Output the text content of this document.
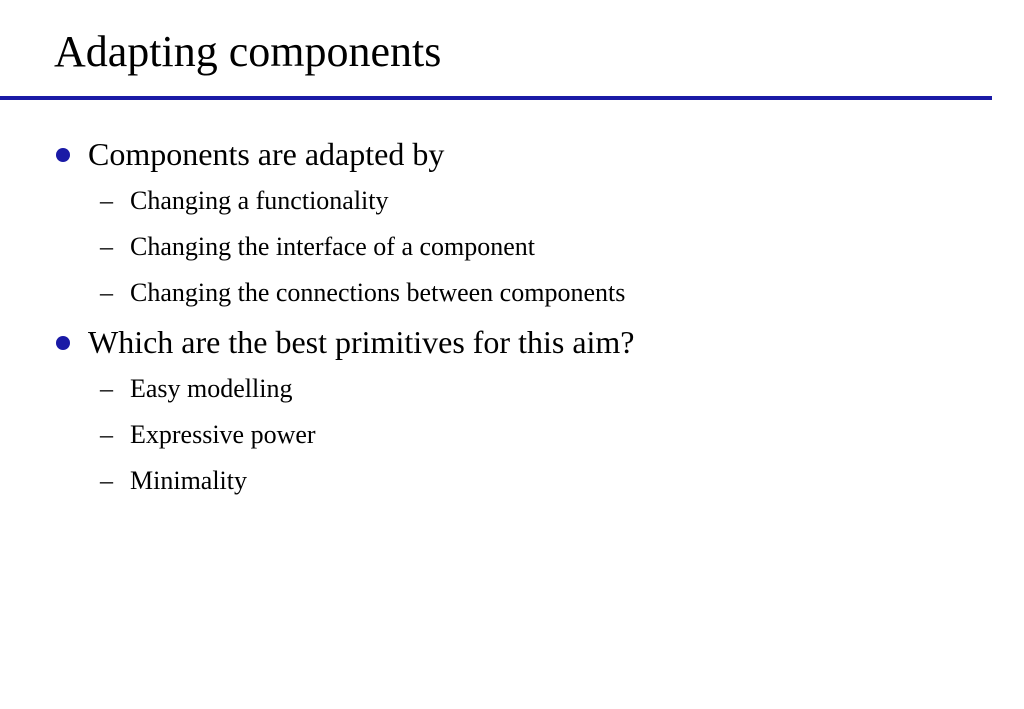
Adapting components
Components are adapted by
– Changing a functionality
– Changing the interface of a component
– Changing the connections between components
Which are the best primitives for this aim?
– Easy modelling
– Expressive power
– Minimality
